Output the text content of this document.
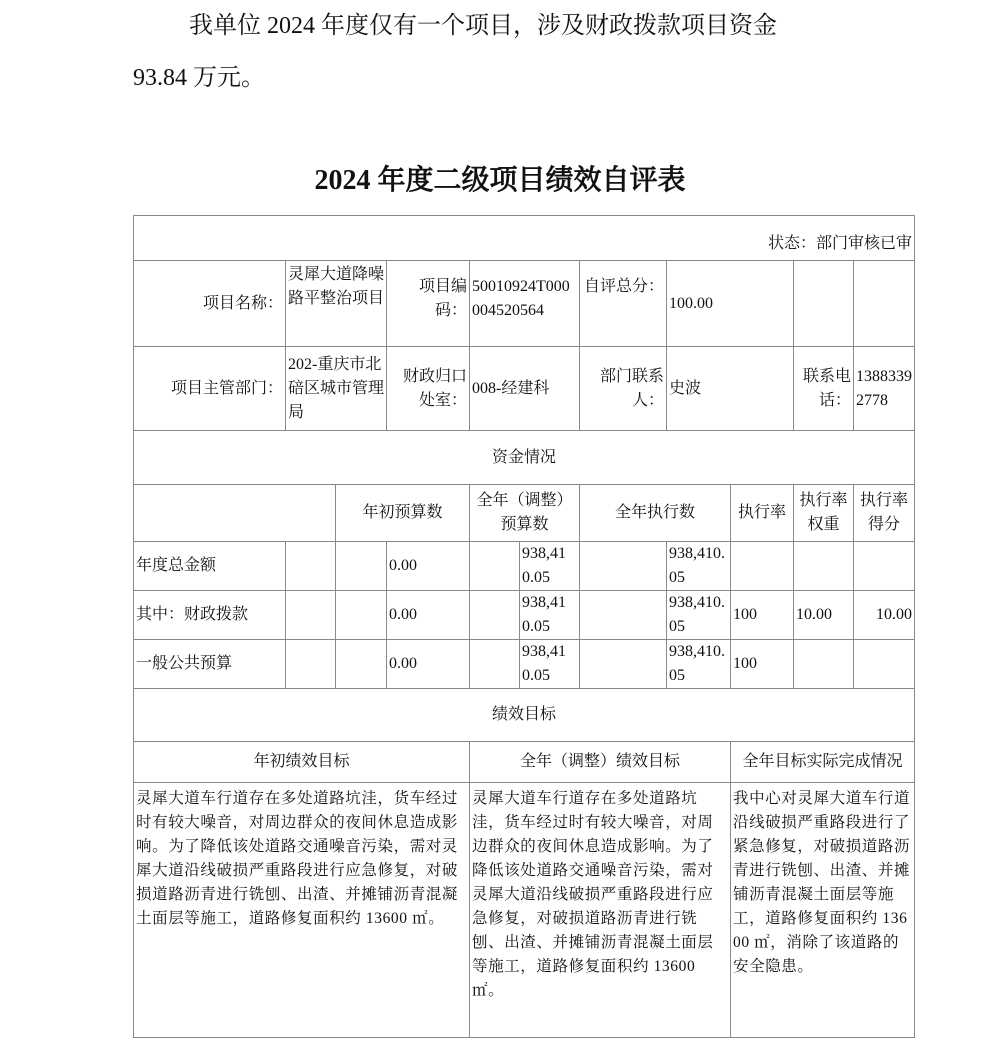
我单位 2024 年度仅有一个项目，涉及财政拨款项目资金
93.84 万元。
2024 年度二级项目绩效自评表
状态：部门审核已审										
项目名称：	灵犀大道降噪路平整治项目		项目编码：	50010924T000004520564		自评总分：	100.00			
项目主管部门：	202-重庆市北碚区城市管理局		财政归口处室：	008-经建科		部门联系人：	史波		联系电话：	13883392778
资金情况										
		年初预算数		全年（调整）预算数		全年执行数		执行率	执行率权重	执行率得分
年度总金额			0.00		938,410.05		938,410.05			
其中：财政拨款			0.00		938,410.05		938,410.05	100	10.00	10.00
一般公共预算			0.00		938,410.05		938,410.05	100		
绩效目标										
年初绩效目标				全年（调整）绩效目标				全年目标实际完成情况		
灵犀大道车行道存在多处道路坑洼，货车经过时有较大噪音，对周边群众的夜间休息造成影响。为了降低该处道路交通噪音污染，需对灵犀大道沿线破损严重路段进行应急修复，对破损道路沥青进行铣刨、出渣、并摊铺沥青混凝土面层等施工，道路修复面积约 13600 ㎡。				灵犀大道车行道存在多处道路坑洼，货车经过时有较大噪音，对周边群众的夜间休息造成影响。为了降低该处道路交通噪音污染，需对灵犀大道沿线破损严重路段进行应急修复，对破损道路沥青进行铣刨、出渣、并摊铺沥青混凝土面层等施工，道路修复面积约 13600 ㎡。				我中心对灵犀大道车行道沿线破损严重路段进行了紧急修复，对破损道路沥青进行铣刨、出渣、并摊铺沥青混凝土面层等施工，道路修复面积约 13600 ㎡，消除了该道路的安全隐患。		
